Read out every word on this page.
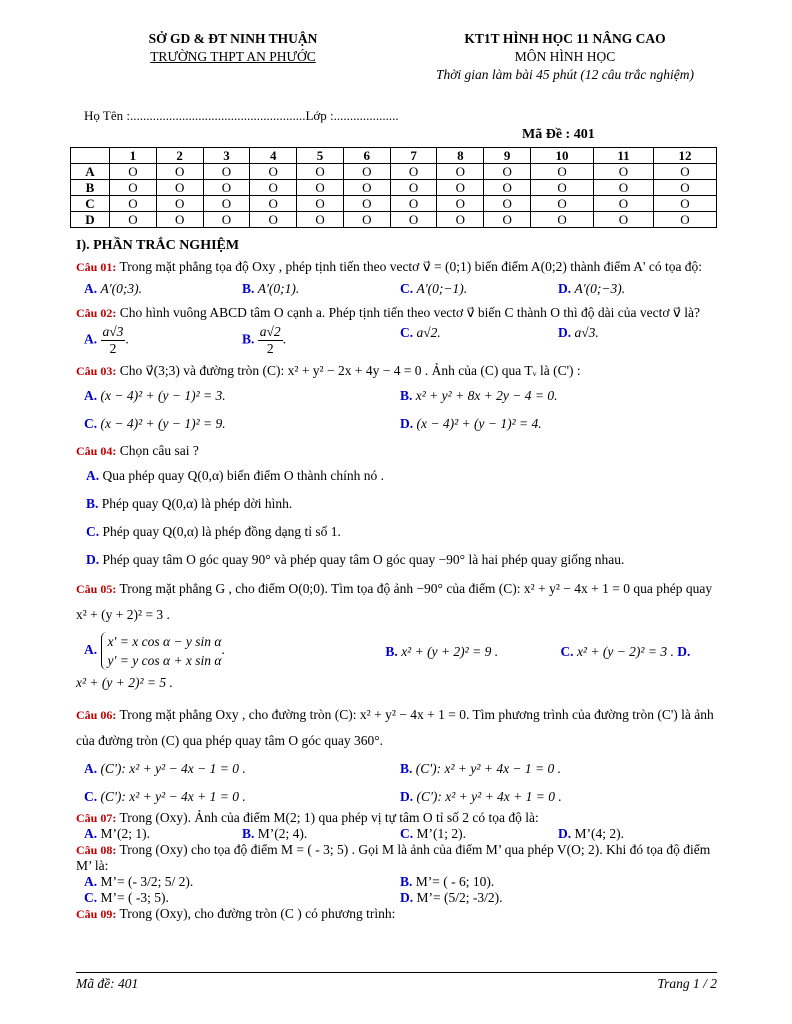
SỞ GD & ĐT NINH THUẬN
TRƯỜNG THPT AN PHƯỚC
KT1T HÌNH HỌC 11 NÂNG CAO
MÔN HÌNH HỌC
Thời gian làm bài 45 phút (12 câu trắc nghiệm)
Họ Tên :......................................................Lớp :....................
Mã Đề : 401
	1	2	3	4	5	6	7	8	9	10	11	12
A	O	O	O	O	O	O	O	O	O	O	O	O
B	O	O	O	O	O	O	O	O	O	O	O	O
C	O	O	O	O	O	O	O	O	O	O	O	O
D	O	O	O	O	O	O	O	O	O	O	O	O
I). PHẦN TRẮC NGHIỆM

Câu 01: Trong mặt phẳng tọa độ Oxy , phép tịnh tiến theo vectơ v⃗ = (0;1) biến điểm A(0;2) thành điểm A' có tọa độ:

A. A'(0;3).	B. A'(0;1).	C. A'(0;−1).	D. A'(0;−3).

Câu 02: Cho hình vuông ABCD tâm O cạnh a. Phép tịnh tiến theo vectơ v⃗ biến C thành O thì độ dài của vectơ v⃗ là?

A. $\frac{a√3}{2}$ .	B. $\frac{a√2}{2}$ .	C. a√2.	D. a√3.

Câu 03: Cho v⃗(3;3) và đường tròn (C): x² + y² − 2x + 4y − 4 = 0 . Ảnh của (C) qua Tᵥ là (C') :

A. (x − 4)² + (y − 1)² = 3.	B. x² + y² + 8x + 2y − 4 = 0.
C. (x − 4)² + (y − 1)² = 9.	D. (x − 4)² + (y − 1)² = 4.

Câu 04: Chọn câu sai ?

A. Qua phép quay Q(0,α) biến điểm O thành chính nó .
B. Phép quay Q(0,α) là phép dời hình.
C. Phép quay Q(0,α) là phép đồng dạng tỉ số 1.
D. Phép quay tâm O góc quay 90° và phép quay tâm O góc quay −90° là hai phép quay giống nhau.

Câu 05: Trong mặt phẳng G , cho điểm O(0;0). Tìm tọa độ ảnh −90° của điểm (C): x² + y² − 4x + 1 = 0 qua phép quay x² + (y + 2)² = 3 .

A.
x' = x cos α − y sin α
y' = y cos α + x sin α
.	B. x² + (y + 2)² = 9 .	C. x² + (y − 2)² = 3 . D.
x² + (y + 2)² = 5 .

Câu 06: Trong mặt phẳng Oxy , cho đường tròn (C): x² + y² − 4x + 1 = 0. Tìm phương trình của đường tròn (C') là ảnh của đường tròn (C) qua phép quay tâm O góc quay 360°.

A. (C'): x² + y² − 4x − 1 = 0 .	B. (C'): x² + y² + 4x − 1 = 0 .
C. (C'): x² + y² − 4x + 1 = 0 .	D. (C'): x² + y² + 4x + 1 = 0 .

Câu 07: Trong (Oxy). Ảnh của điểm M(2; 1) qua phép vị tự tâm O tỉ số 2 có tọa độ là:

A. M’(2; 1).	B. M’(2; 4).	C. M’(1; 2).	D. M’(4; 2).

Câu 08: Trong (Oxy) cho tọa độ điểm M = ( - 3; 5) . Gọi M là ảnh của điểm M’ qua phép V(O; 2). Khi đó tọa độ điểm M’ là:

A. M’= (- 3/2; 5/ 2).	B. M’= ( - 6; 10).
C. M’= ( -3; 5).	D. M’= (5/2; -3/2).

Câu 09: Trong (Oxy), cho đường tròn (C ) có phương trình:

Mã đề: 401	Trang 1 / 2
